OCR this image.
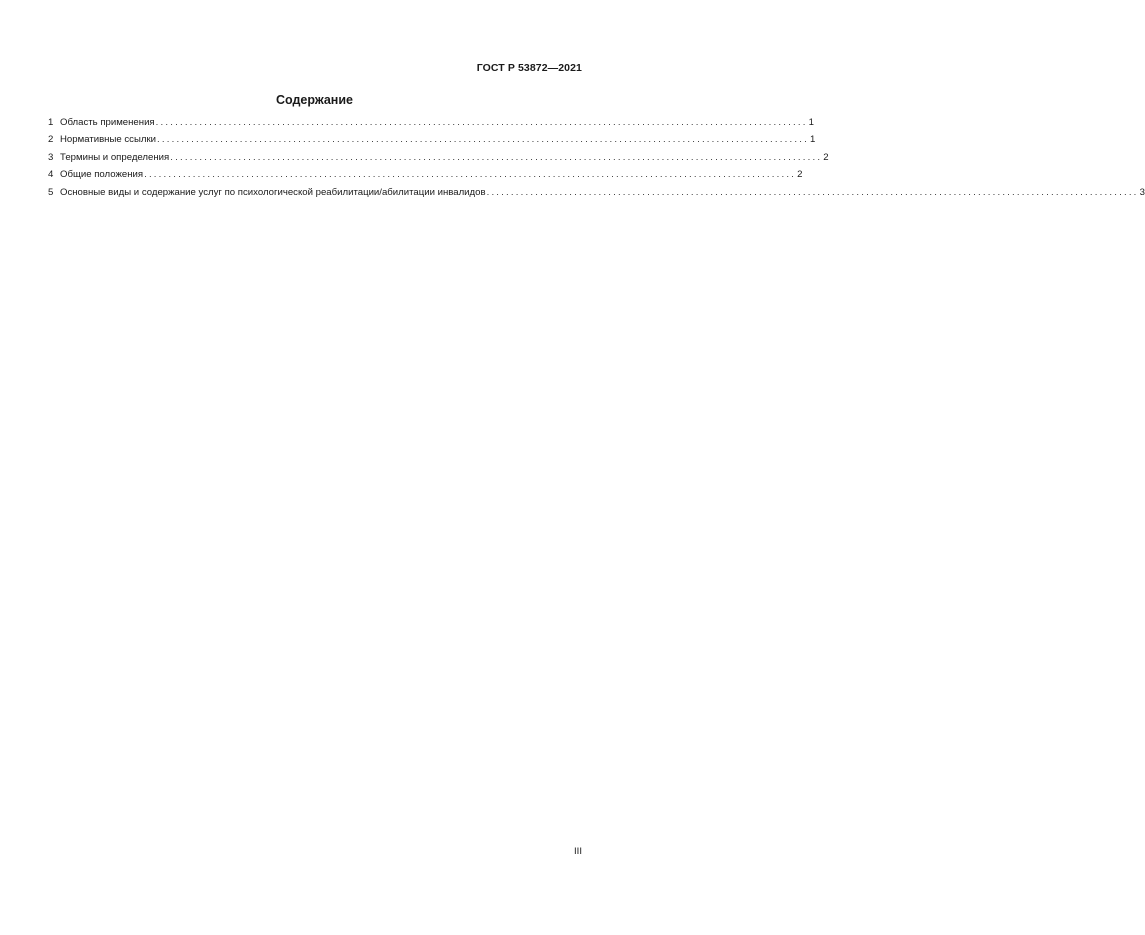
ГОСТ Р 53872—2021
Содержание
1 Область применения ...................................................................................................................................... 1
2 Нормативные ссылки ...................................................................................................................................... 1
3 Термины и определения ...................................................................................................................................... 2
4 Общие положения ...................................................................................................................................... 2
5 Основные виды и содержание услуг по психологической реабилитации/абилитации инвалидов ...................................................................................................................................... 3
III
